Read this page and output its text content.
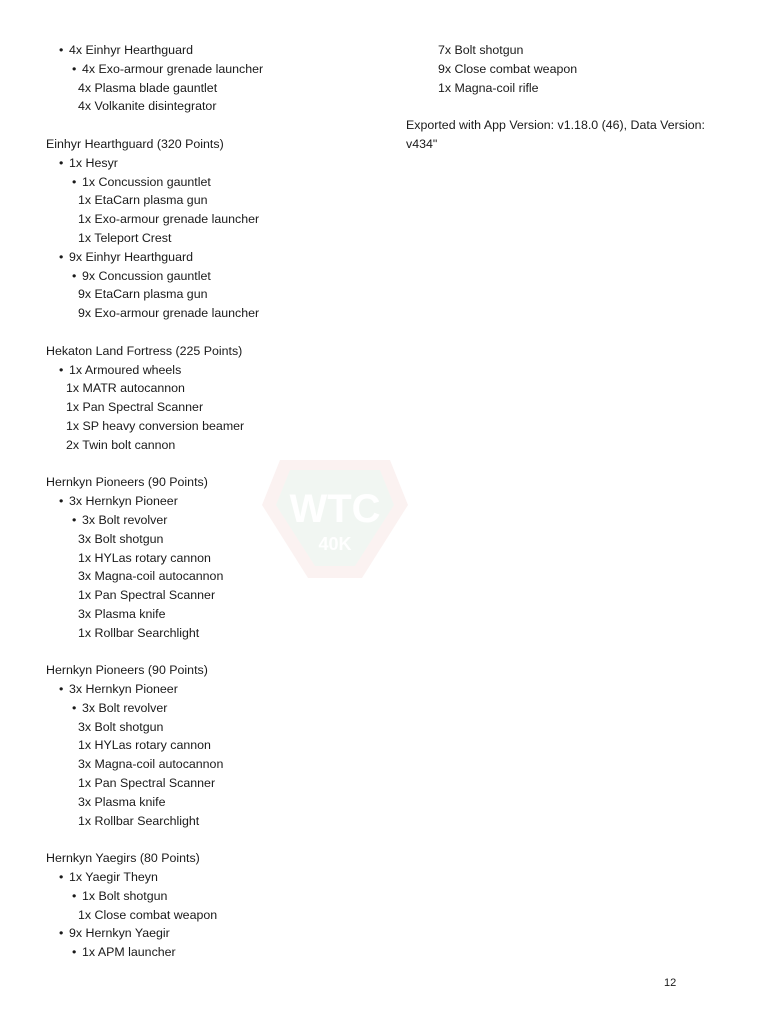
WTC
40K
• 4x Einhyr Hearthguard
• 4x Exo-armour grenade launcher
4x Plasma blade gauntlet
4x Volkanite disintegrator
Einhyr Hearthguard (320 Points)
• 1x Hesyr
• 1x Concussion gauntlet
1x EtaCarn plasma gun
1x Exo-armour grenade launcher
1x Teleport Crest
• 9x Einhyr Hearthguard
• 9x Concussion gauntlet
9x EtaCarn plasma gun
9x Exo-armour grenade launcher
Hekaton Land Fortress (225 Points)
• 1x Armoured wheels
1x MATR autocannon
1x Pan Spectral Scanner
1x SP heavy conversion beamer
2x Twin bolt cannon
Hernkyn Pioneers (90 Points)
• 3x Hernkyn Pioneer
• 3x Bolt revolver
3x Bolt shotgun
1x HYLas rotary cannon
3x Magna-coil autocannon
1x Pan Spectral Scanner
3x Plasma knife
1x Rollbar Searchlight
Hernkyn Pioneers (90 Points)
• 3x Hernkyn Pioneer
• 3x Bolt revolver
3x Bolt shotgun
1x HYLas rotary cannon
3x Magna-coil autocannon
1x Pan Spectral Scanner
3x Plasma knife
1x Rollbar Searchlight
Hernkyn Yaegirs (80 Points)
• 1x Yaegir Theyn
• 1x Bolt shotgun
1x Close combat weapon
• 9x Hernkyn Yaegir
• 1x APM launcher
7x Bolt shotgun
9x Close combat weapon
1x Magna-coil rifle
Exported with App Version: v1.18.0 (46), Data Version: v434"
12
